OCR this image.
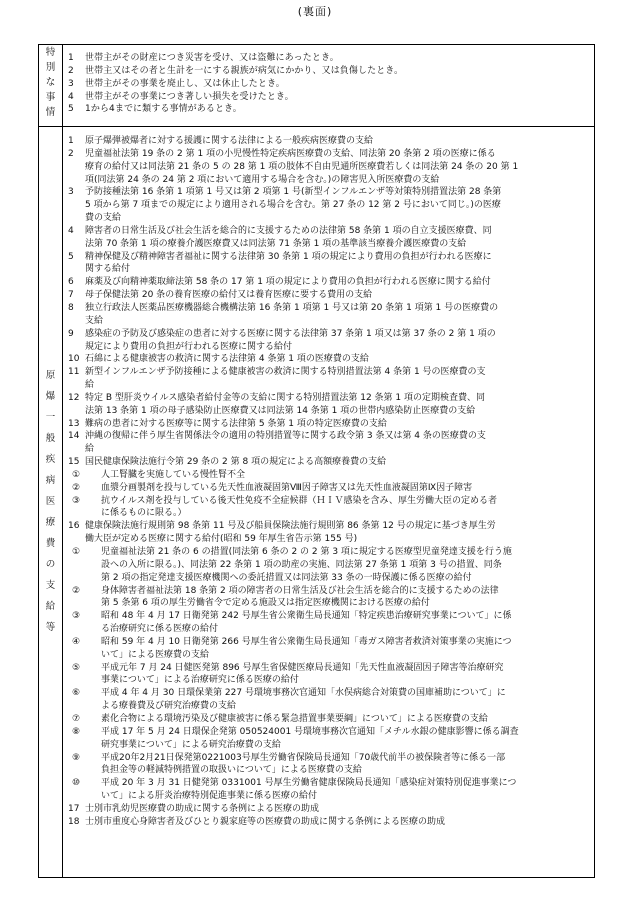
(裏面)
特
別
な
事
情
1 世帯主がその財産につき災害を受け、又は盗難にあったとき。
2 世帯主又はその者と生計を一にする親族が病気にかかり、又は負傷したとき。
3 世帯主がその事業を廃止し、又は休止したとき。
4 世帯主がその事業につき著しい損失を受けたとき。
5 1から4までに類する事情があるとき。
原
爆
一
般
疾
病
医
療
費
の
支
給
等
1 原子爆弾被爆者に対する援護に関する法律による一般疾病医療費の支給
2 児童福祉法第 19 条の 2 第 1 項の小児慢性特定疾病医療費の支給、同法第 20 条第 2 項の医療に係る
療育の給付又は同法第 21 条の 5 の 28 第 1 項の肢体不自由児通所医療費若しくは同法第 24 条の 20 第 1
項(同法第 24 条の 24 第 2 項において適用する場合を含む。)の障害児入所医療費の支給
3 予防接種法第 16 条第 1 項第 1 号又は第 2 項第 1 号(新型インフルエンザ等対策特別措置法第 28 条第
5 項から第 7 項までの規定により適用される場合を含む。第 27 条の 12 第 2 号において同じ。)の医療
費の支給
4 障害者の日常生活及び社会生活を総合的に支援するための法律第 58 条第 1 項の自立支援医療費、同
法第 70 条第 1 項の療養介護医療費又は同法第 71 条第 1 項の基準該当療養介護医療費の支給
5 精神保健及び精神障害者福祉に関する法律第 30 条第 1 項の規定により費用の負担が行われる医療に
関する給付
6 麻薬及び向精神薬取締法第 58 条の 17 第 1 項の規定により費用の負担が行われる医療に関する給付
7 母子保健法第 20 条の養育医療の給付又は養育医療に要する費用の支給
8 独立行政法人医薬品医療機器総合機構法第 16 条第 1 項第 1 号又は第 20 条第 1 項第 1 号の医療費の
支給
9 感染症の予防及び感染症の患者に対する医療に関する法律第 37 条第 1 項又は第 37 条の 2 第 1 項の
規定により費用の負担が行われる医療に関する給付
10 石綿による健康被害の救済に関する法律第 4 条第 1 項の医療費の支給
11 新型インフルエンザ予防接種による健康被害の救済に関する特別措置法第 4 条第 1 号の医療費の支
給
12 特定 B 型肝炎ウイルス感染者給付金等の支給に関する特別措置法第 12 条第 1 項の定期検査費、同
法第 13 条第 1 項の母子感染防止医療費又は同法第 14 条第 1 項の世帯内感染防止医療費の支給
13 難病の患者に対する医療等に関する法律第 5 条第 1 項の特定医療費の支給
14 沖縄の復帰に伴う厚生省関係法令の適用の特別措置等に関する政令第 3 条又は第 4 条の医療費の支
給
15 国民健康保険法施行令第 29 条の 2 第 8 項の規定による高額療養費の支給
① 人工腎臓を実施している慢性腎不全
② 血漿分画製剤を投与している先天性血液凝固第Ⅷ因子障害又は先天性血液凝固第Ⅸ因子障害
③ 抗ウイルス剤を投与している後天性免疫不全症候群（ＨＩＶ感染を含み、厚生労働大臣の定める者
に係るものに限る。）
16 健康保険法施行規則第 98 条第 11 号及び船員保険法施行規則第 86 条第 12 号の規定に基づき厚生労
働大臣が定める医療に関する給付(昭和 59 年厚生省告示第 155 号)
① 児童福祉法第 21 条の 6 の措置(同法第 6 条の 2 の 2 第 3 項に規定する医療型児童発達支援を行う施
設への入所に限る。)、同法第 22 条第 1 項の助産の実施、同法第 27 条第 1 項第 3 号の措置、同条
第 2 項の指定発達支援医療機関への委託措置又は同法第 33 条の一時保護に係る医療の給付
② 身体障害者福祉法第 18 条第 2 項の障害者の日常生活及び社会生活を総合的に支援するための法律
第 5 条第 6 項の厚生労働省令で定める施設又は指定医療機関における医療の給付
③ 昭和 48 年 4 月 17 日衛発第 242 号厚生省公衆衛生局長通知「特定疾患治療研究事業について」に係
る治療研究に係る医療の給付
④ 昭和 59 年 4 月 10 日衛発第 266 号厚生省公衆衛生局長通知「毒ガス障害者救済対策事業の実施につ
いて」による医療費の支給
⑤ 平成元年 7 月 24 日健医発第 896 号厚生省保健医療局長通知「先天性血液凝固因子障害等治療研究
事業について」による治療研究に係る医療の給付
⑥ 平成 4 年 4 月 30 日環保業第 227 号環境事務次官通知「水俣病総合対策費の国庫補助について」に
よる療養費及び研究治療費の支給
⑦ 素化合物による環境汚染及び健康被害に係る緊急措置事業要綱」について」による医療費の支給
⑧ 平成 17 年 5 月 24 日環保企発第 050524001 号環境事務次官通知「メチル水銀の健康影響に係る調査
研究事業について」による研究治療費の支給
⑨ 平成20年2月21日保発第0221003号厚生労働省保険局長通知「70歳代前半の被保険者等に係る一部
負担金等の軽減特例措置の取扱いについて」による医療費の支給
⑩ 平成 20 年 3 月 31 日健発第 0331001 号厚生労働省健康保険局長通知「感染症対策特別促進事業につ
いて」による肝炎治療特別促進事業に係る医療の給付
17 士別市乳幼児医療費の助成に関する条例による医療の助成
18 士別市重度心身障害者及びひとり親家庭等の医療費の助成に関する条例による医療の助成
